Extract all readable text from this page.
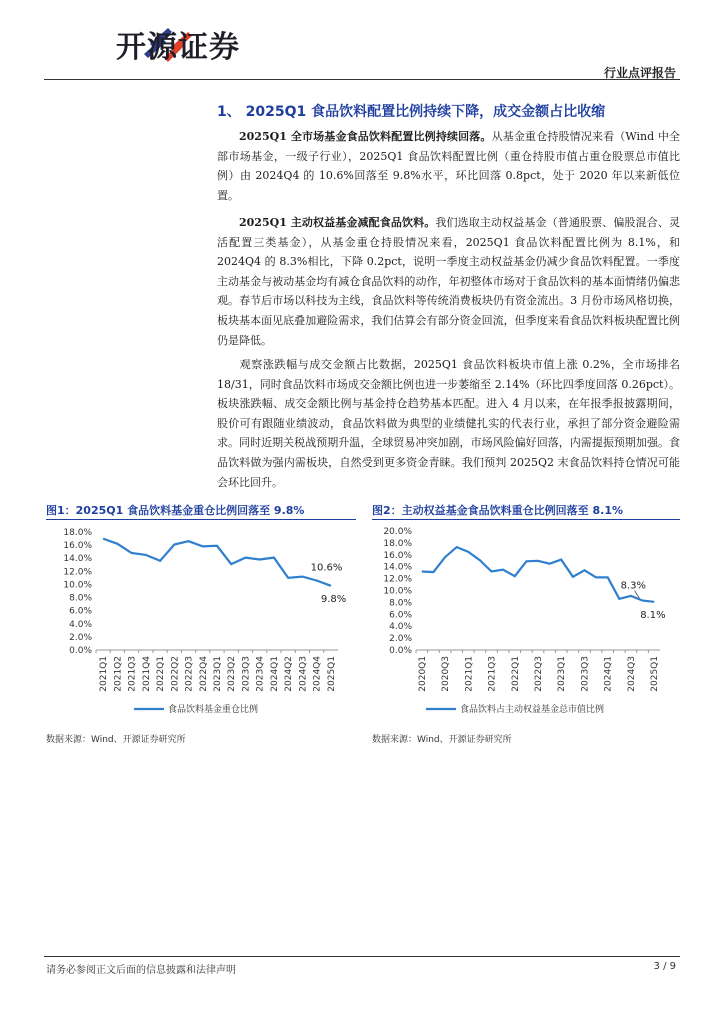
开源证券
行业点评报告
1、 2025Q1 食品饮料配置比例持续下降，成交金额占比收缩
2025Q1 全市场基金食品饮料配置比例持续回落。从基金重仓持股情况来看（Wind 中全部市场基金，一级子行业），2025Q1 食品饮料配置比例（重仓持股市值占重仓股票总市值比例）由 2024Q4 的 10.6%回落至 9.8%水平，环比回落 0.8pct，处于 2020 年以来新低位置。
2025Q1 主动权益基金减配食品饮料。我们选取主动权益基金（普通股票、偏股混合、灵活配置三类基金），从基金重仓持股情况来看，2025Q1 食品饮料配置比例为 8.1%，和 2024Q4 的 8.3%相比，下降 0.2pct，说明一季度主动权益基金仍减少食品饮料配置。一季度主动基金与被动基金均有减仓食品饮料的动作，年初整体市场对于食品饮料的基本面情绪仍偏悲观。春节后市场以科技为主线，食品饮料等传统消费板块仍有资金流出。3 月份市场风格切换，板块基本面见底叠加避险需求，我们估算会有部分资金回流，但季度来看食品饮料板块配置比例仍是降低。
观察涨跌幅与成交金额占比数据，2025Q1 食品饮料板块市值上涨 0.2%，全市场排名 18/31，同时食品饮料市场成交金额比例也进一步萎缩至 2.14%（环比四季度回落 0.26pct）。板块涨跌幅、成交金额比例与基金持仓趋势基本匹配。进入 4 月以来，在年报季报披露期间，股价可有跟随业绩波动，食品饮料做为典型的业绩健扎实的代表行业，承担了部分资金避险需求。同时近期关税战预期升温，全球贸易冲突加剧，市场风险偏好回落，内需提振预期加强。食品饮料做为强内需板块，自然受到更多资金青睐。我们预判 2025Q2 末食品饮料持仓情况可能会环比回升。
图1：2025Q1 食品饮料基金重仓比例回落至 9.8%
0.0%
2.0%
4.0%
6.0%
8.0%
10.0%
12.0%
14.0%
16.0%
18.0%
2021Q1 2021Q2 2021Q3 2021Q4 2022Q1 2022Q2 2022Q3 2022Q4 2023Q1 2023Q2 2023Q3 2023Q4 2024Q1 2024Q2 2024Q3 2024Q4 2025Q1
10.6%
9.8%
食品饮料基金重仓比例
数据来源：Wind、开源证券研究所
图2：主动权益基金食品饮料重仓比例回落至 8.1%
0.0%
2.0%
4.0%
6.0%
8.0%
10.0%
12.0%
14.0%
16.0%
18.0%
20.0%
2020Q1 2020Q3 2021Q1 2021Q3 2022Q1 2022Q3 2023Q1 2023Q3 2024Q1 2024Q3 2025Q1
8.3%
8.1%
食品饮料占主动权益基金总市值比例
数据来源：Wind、开源证券研究所
请务必参阅正文后面的信息披露和法律声明	3 / 9
